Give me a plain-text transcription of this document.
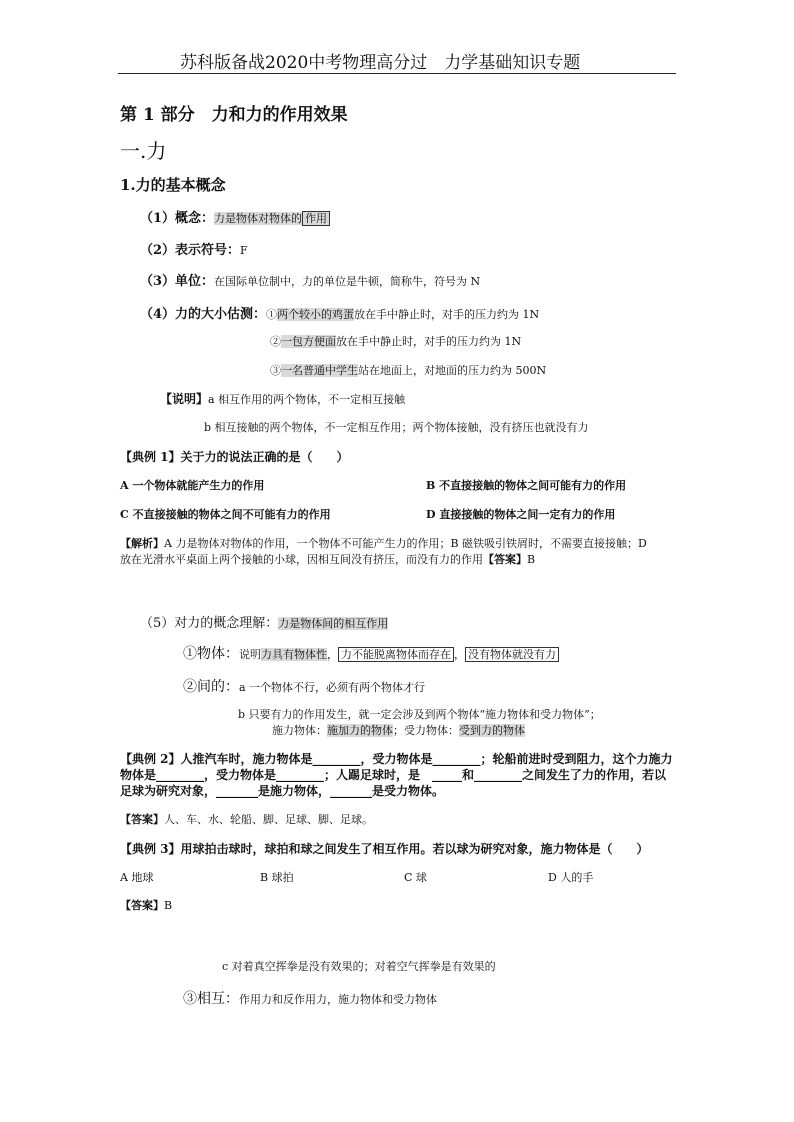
苏科版备战2020中考物理高分过　力学基础知识专题
第 1 部分　力和力的作用效果
一.力
1.力的基本概念
（1）概念：力是物体对物体的 作用
（2）表示符号：F
（3）单位：在国际单位制中，力的单位是牛顿，简称牛，符号为 N
（4）力的大小估测：①两个较小的鸡蛋放在手中静止时，对手的压力约为 1N
②一包方便面放在手中静止时，对手的压力约为 1N
③一名普通中学生站在地面上，对地面的压力约为 500N
【说明】a 相互作用的两个物体，不一定相互接触
b 相互接触的两个物体，不一定相互作用；两个物体接触，没有挤压也就没有力
【典例 1】关于力的说法正确的是（　　）
A 一个物体就能产生力的作用	B 不直接接触的物体之间可能有力的作用
C 不直接接触的物体之间不可能有力的作用	D 直接接触的物体之间一定有力的作用
【解析】A 力是物体对物体的作用，一个物体不可能产生力的作用；B 磁铁吸引铁屑时，不需要直接接触；D
放在光滑水平桌面上两个接触的小球，因相互间没有挤压，而没有力的作用【答案】B
（5）对力的概念理解：力是物体间的相互作用
①物体：说明力具有物体性， 力不能脱离物体而存在 ， 没有物体就没有力
②间的：a 一个物体不行，必须有两个物体才行
b 只要有力的作用发生，就一定会涉及到两个物体“施力物体和受力物体”；
施力物体：施加力的物体；受力物体：受到力的物体
【典例 2】人推汽车时，施力物体是________，受力物体是________；轮船前进时受到阻力，这个力施力
物体是________，受力物体是________；人踢足球时，是　_____和________之间发生了力的作用，若以
足球为研究对象，_______是施力物体，_______是受力物体。
【答案】人、车、水、轮船、脚、足球、脚、足球。
【典例 3】用球拍击球时，球拍和球之间发生了相互作用。若以球为研究对象，施力物体是（　　）
A 地球	B 球拍	C 球	D 人的手
【答案】B
c 对着真空挥拳是没有效果的；对着空气挥拳是有效果的
③相互：作用力和反作用力，施力物体和受力物体
